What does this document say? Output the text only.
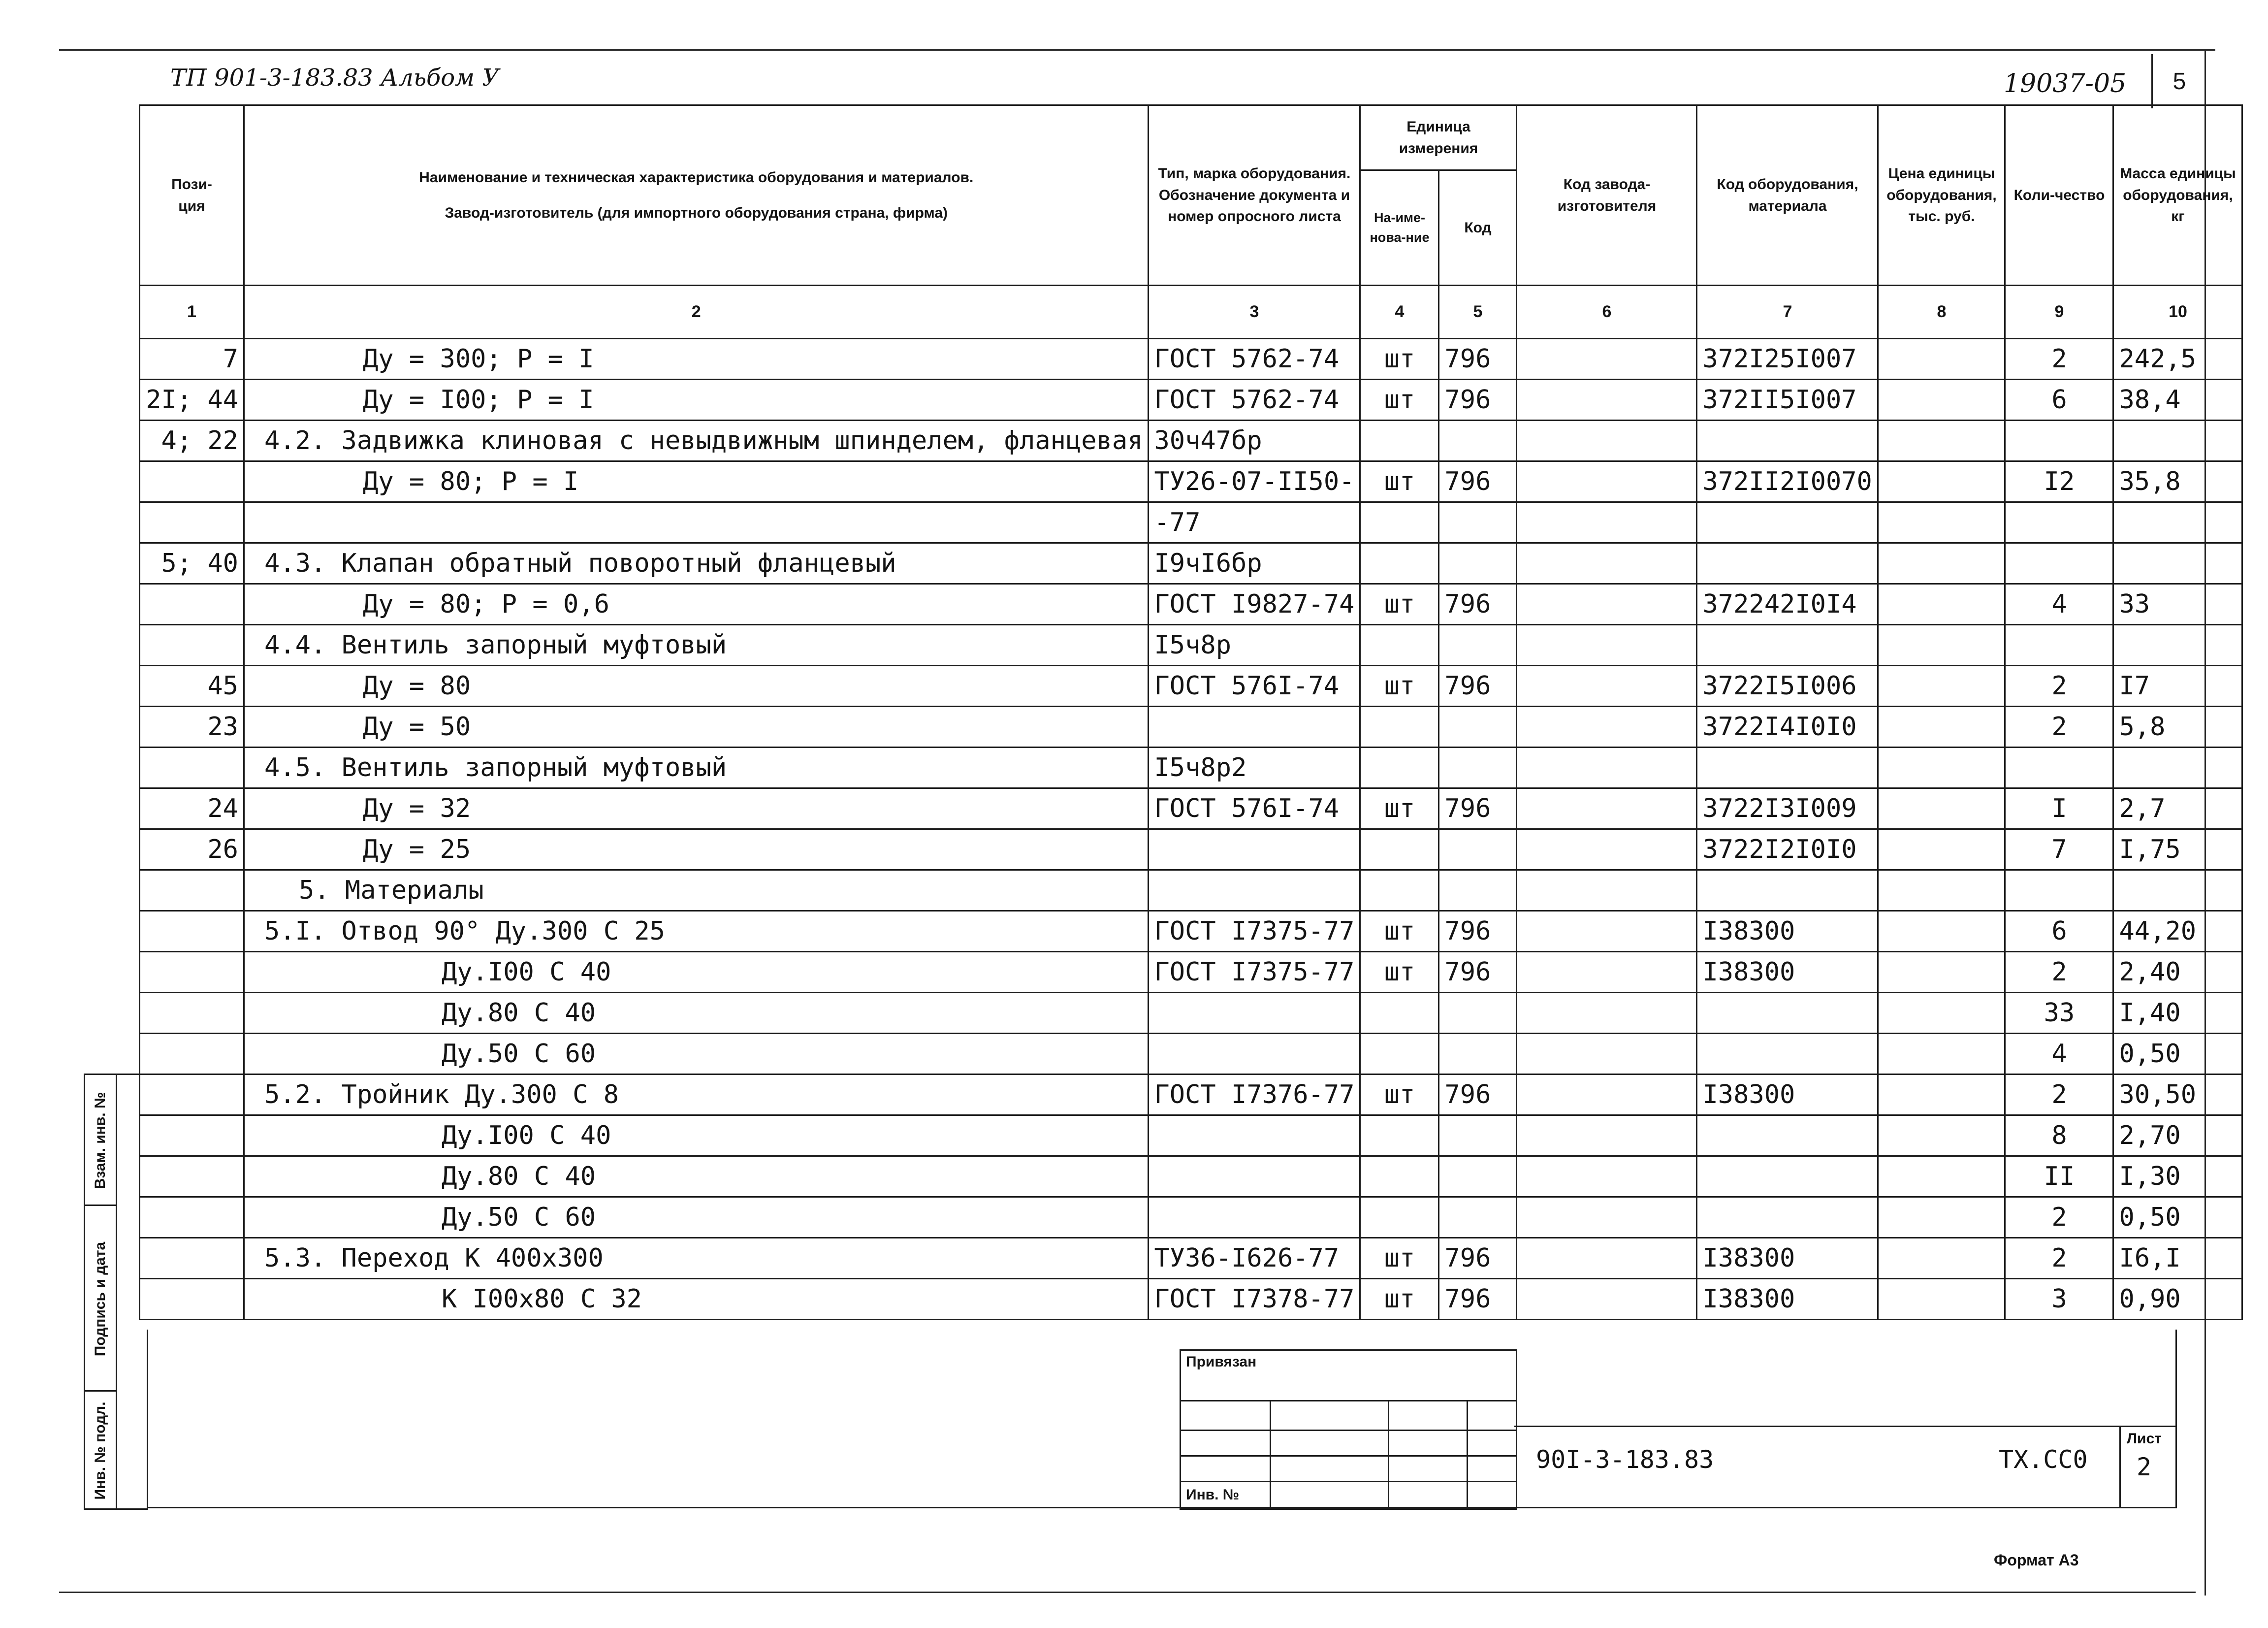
ТП 901-3-183.83 Альбом У	19037-05 5
Пози-
ция	Наименование и техническая характеристика оборудования и материалов.
Завод-изготовитель (для импортного оборудования страна, фирма)	Тип, марка оборудования. Обозначение документа и номер опросного листа	Единица измерения		Код завода-изготовителя	Код оборудования, материала	Цена единицы оборудования, тыс. руб.	Коли-чество	Масса единицы оборудования, кг
			На-име-нова-ние	Код					
1	2	3	4	5	6	7	8	9	10
7	Ду = 300; Р = I	ГОСТ 5762-74	шт	796		372I25I007		2	242,5
2I; 44	Ду = I00; Р = I	ГОСТ 5762-74	шт	796		372II5I007		6	38,4
4; 22	4.2. Задвижка клиновая с невыдвижным шпинделем, фланцевая	30ч47бр							
	Ду = 80; Р = I	ТУ26-07-II50-	шт	796		372II2I0070		I2	35,8
		-77							
5; 40	4.3. Клапан обратный поворотный фланцевый	I9чI6бр							
	Ду = 80; Р = 0,6	ГОСТ I9827-74	шт	796		372242I0I4		4	33
	4.4. Вентиль запорный муфтовый	I5ч8р							
45	Ду = 80	ГОСТ 576I-74	шт	796		3722I5I006		2	I7
23	Ду = 50					3722I4I0I0		2	5,8
	4.5. Вентиль запорный муфтовый	I5ч8р2							
24	Ду = 32	ГОСТ 576I-74	шт	796		3722I3I009		I	2,7
26	Ду = 25					3722I2I0I0		7	I,75
	5. Материалы								
	5.I. Отвод 90° Ду.300 С 25	ГОСТ I7375-77	шт	796		I38300		6	44,20
	Ду.I00 С 40	ГОСТ I7375-77	шт	796		I38300		2	2,40
	Ду.80 С 40							33	I,40
	Ду.50 С 60							4	0,50
	5.2. Тройник Ду.300 С 8	ГОСТ I7376-77	шт	796		I38300		2	30,50
	Ду.I00 С 40							8	2,70
	Ду.80 С 40							II	I,30
	Ду.50 С 60							2	0,50
	5.3. Переход К 400х300	ТУ36-I626-77	шт	796		I38300		2	I6,I
	К I00х80 С 32	ГОСТ I7378-77	шт	796		I38300		3	0,90
Взам. инв. №
Подпись и дата
Инв. № подл.
Привязан
Инв. №
90I-3-183.83	ТХ.СС0
Лист
2
Формат А3
